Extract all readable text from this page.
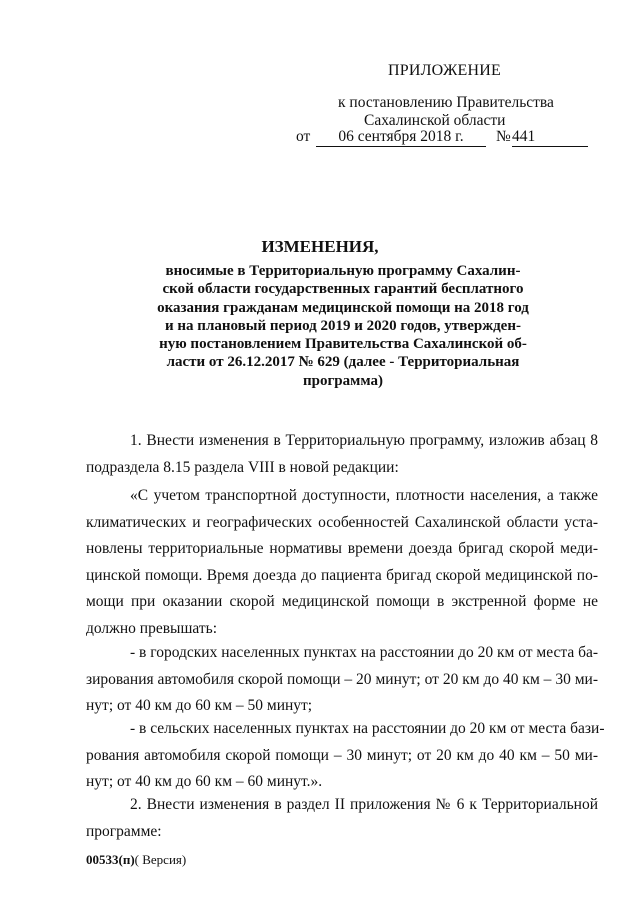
ПРИЛОЖЕНИЕ
к постановлению Правительства
Сахалинской области
от	06 сентября 2018 г.	№ 441
ИЗМЕНЕНИЯ,
вносимые в Территориальную программу Сахалин-
ской области государственных гарантий бесплатного
оказания гражданам медицинской помощи на 2018 год
и на плановый период 2019 и 2020 годов, утвержден-
ную постановлением Правительства Сахалинской об-
ласти от 26.12.2017 № 629 (далее - Территориальная
программа)
1. Внести изменения в Территориальную программу, изложив абзац 8
подраздела 8.15 раздела VIII в новой редакции:
«С учетом транспортной доступности, плотности населения, а также
климатических и географических особенностей Сахалинской области уста-
новлены территориальные нормативы времени доезда бригад скорой меди-
цинской помощи. Время доезда до пациента бригад скорой медицинской по-
мощи при оказании скорой медицинской помощи в экстренной форме не
должно превышать:
- в городских населенных пунктах на расстоянии до 20 км от места ба-
зирования автомобиля скорой помощи – 20 минут; от 20 км до 40 км – 30 ми-
нут; от 40 км до 60 км – 50 минут;
- в сельских населенных пунктах на расстоянии до 20 км от места бази-
рования автомобиля скорой помощи – 30 минут; от 20 км до 40 км – 50 ми-
нут; от 40 км до 60 км – 60 минут.».
2. Внести изменения в раздел II приложения № 6 к Территориальной
программе:
00533(п)( Версия)
